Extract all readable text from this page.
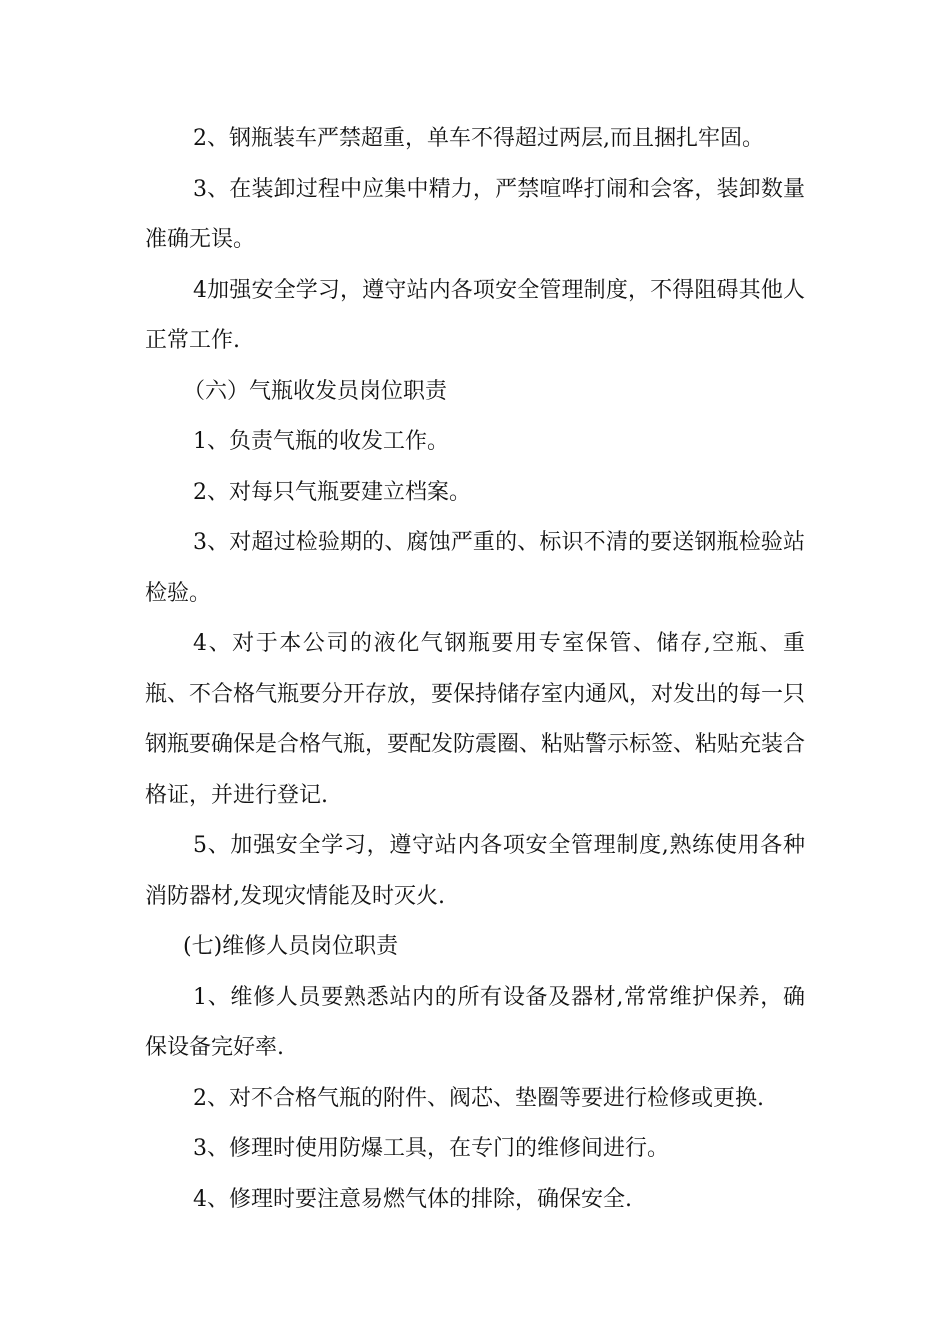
2、钢瓶装车严禁超重，单车不得超过两层,而且捆扎牢固。

3、在装卸过程中应集中精力，严禁喧哗打闹和会客，装卸数量准确无误。

4加强安全学习，遵守站内各项安全管理制度，不得阻碍其他人正常工作.

（六）气瓶收发员岗位职责

1、负责气瓶的收发工作。

2、对每只气瓶要建立档案。

3、对超过检验期的、腐蚀严重的、标识不清的要送钢瓶检验站检验。

4、对于本公司的液化气钢瓶要用专室保管、储存,空瓶、重瓶、不合格气瓶要分开存放，要保持储存室内通风，对发出的每一只钢瓶要确保是合格气瓶，要配发防震圈、粘贴警示标签、粘贴充装合格证，并进行登记.

5、加强安全学习，遵守站内各项安全管理制度,熟练使用各种消防器材,发现灾情能及时灭火.

(七)维修人员岗位职责

1、维修人员要熟悉站内的所有设备及器材,常常维护保养，确保设备完好率.

2、对不合格气瓶的附件、阀芯、垫圈等要进行检修或更换.

3、修理时使用防爆工具，在专门的维修间进行。

4、修理时要注意易燃气体的排除，确保安全.
